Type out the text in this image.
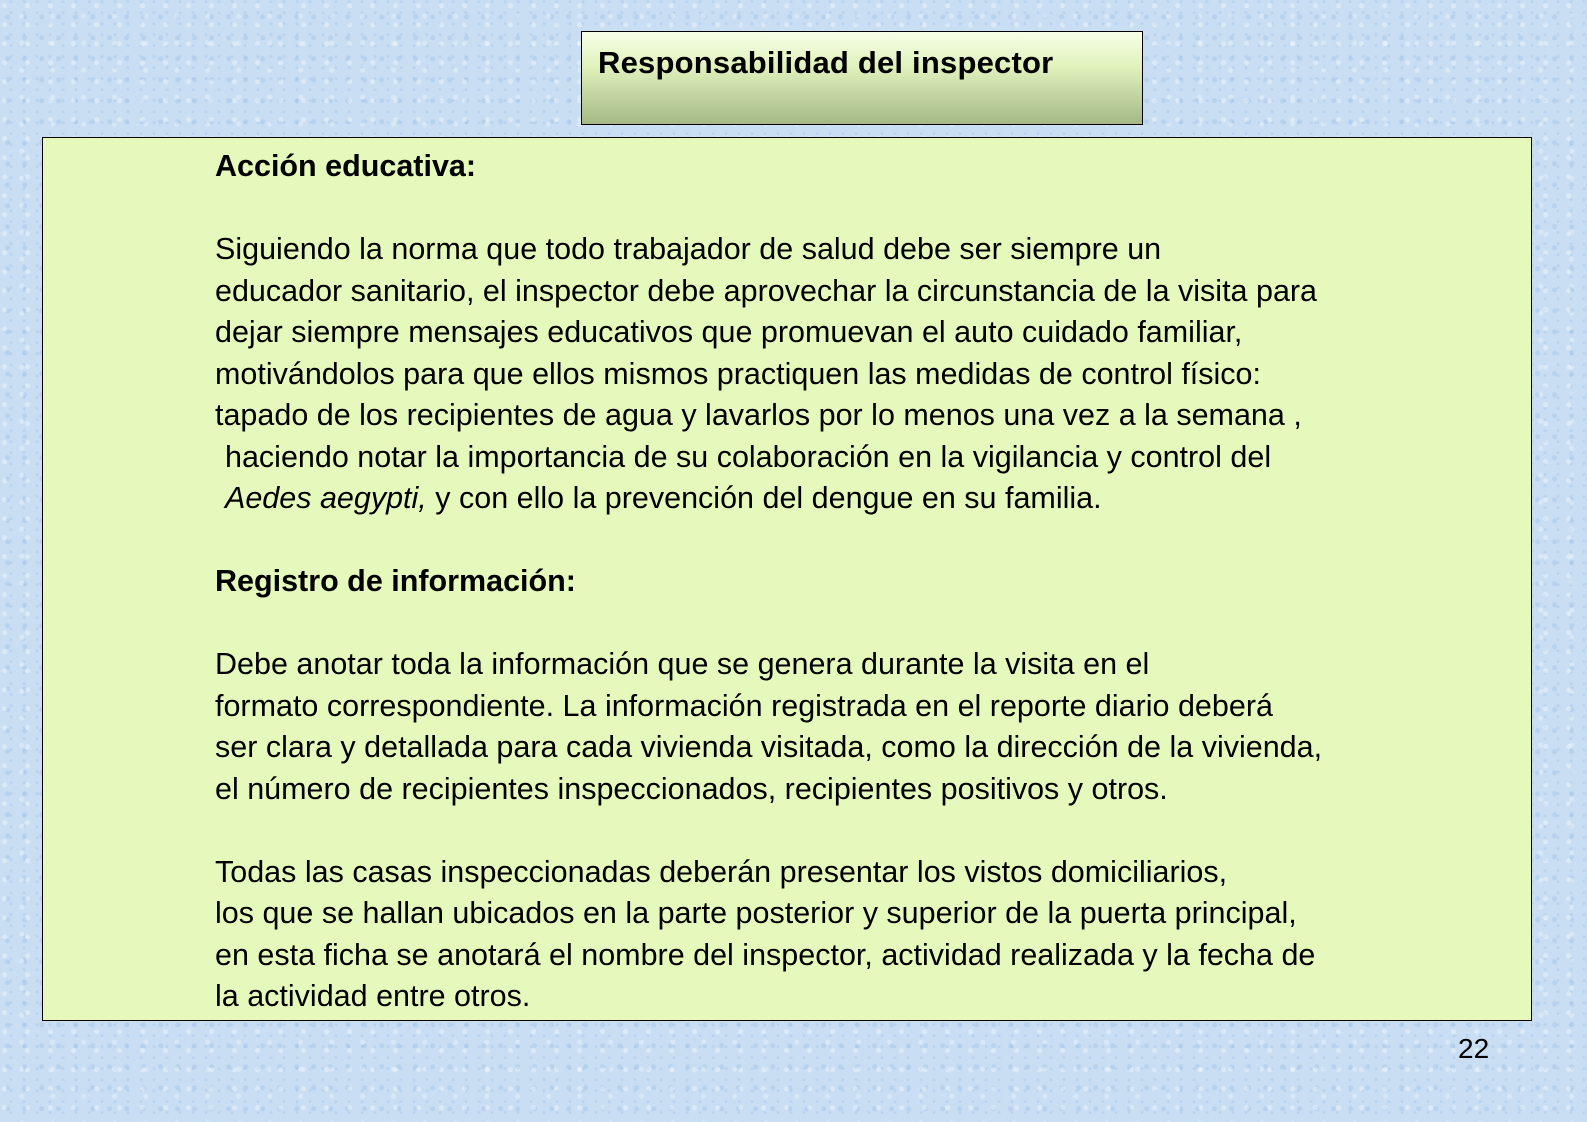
Responsabilidad del inspector
Acción educativa:
Siguiendo la norma que todo trabajador de salud debe ser siempre un
educador sanitario, el inspector debe aprovechar la circunstancia de la visita para
dejar siempre mensajes educativos que promuevan el auto cuidado familiar,
motivándolos para que ellos mismos practiquen las medidas de control físico:
tapado de los recipientes de agua y lavarlos por lo menos una vez a la semana ,
haciendo notar la importancia de su colaboración en la vigilancia y control del
Aedes aegypti, y con ello la prevención del dengue en su familia.
Registro de información:
Debe anotar toda la información que se genera durante la visita en el
formato correspondiente. La información registrada en el reporte diario deberá
ser clara y detallada para cada vivienda visitada, como la dirección de la vivienda,
el número de recipientes inspeccionados, recipientes positivos y otros.
Todas las casas inspeccionadas deberán presentar los vistos domiciliarios,
los que se hallan ubicados en la parte posterior y superior de la puerta principal,
en esta ficha se anotará el nombre del inspector, actividad realizada y la fecha de
la actividad entre otros.
22
